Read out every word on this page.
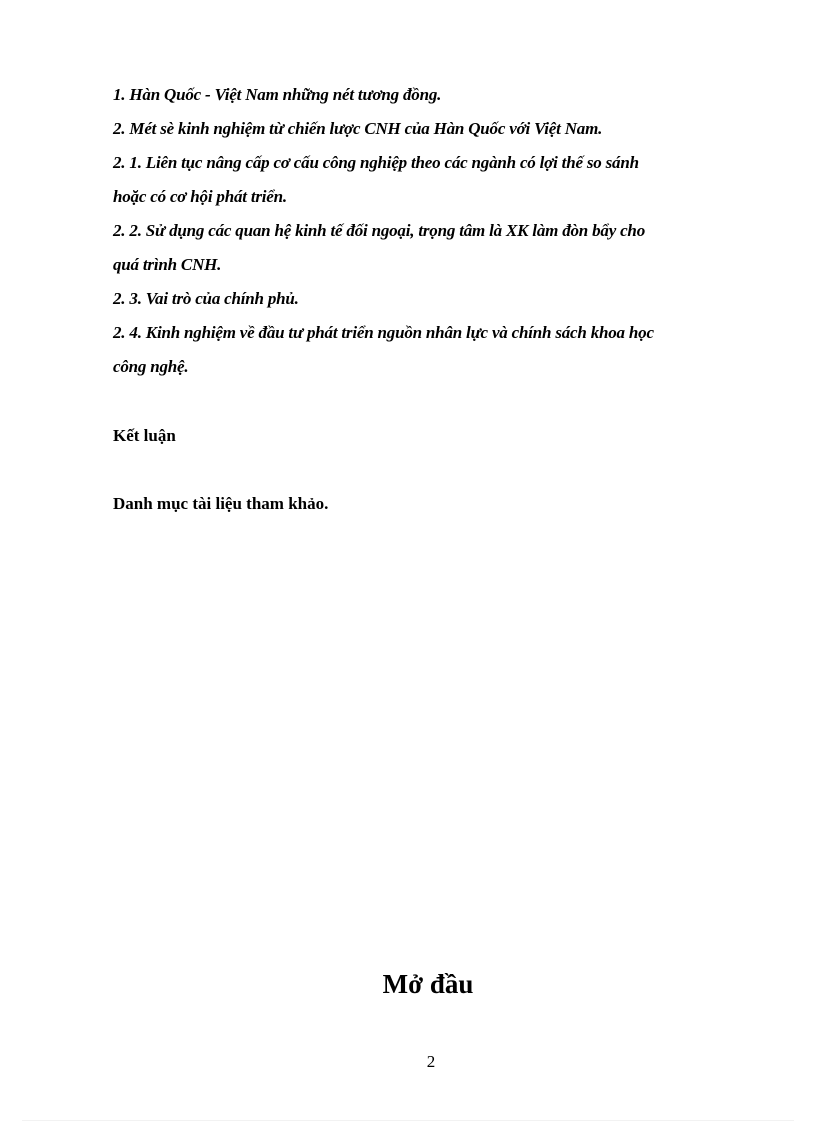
1. Hàn Quốc - Việt Nam những nét tương đồng.

2. Mét sè kinh nghiệm từ chiến lược CNH của Hàn Quốc với Việt Nam.

2. 1. Liên tục nâng cấp cơ cấu công nghiệp theo các ngành có lợi thế so sánh

hoặc có cơ hội phát triển.

2. 2. Sử dụng các quan hệ kinh tế đối ngoại, trọng tâm là XK làm đòn bẩy cho

quá trình CNH.

2. 3. Vai trò của chính phủ.

2. 4. Kinh nghiệm về đầu tư phát triển nguồn nhân lực và chính sách khoa học

công nghệ.

Kết luận

Danh mục tài liệu tham khảo.

Mở đầu
2
